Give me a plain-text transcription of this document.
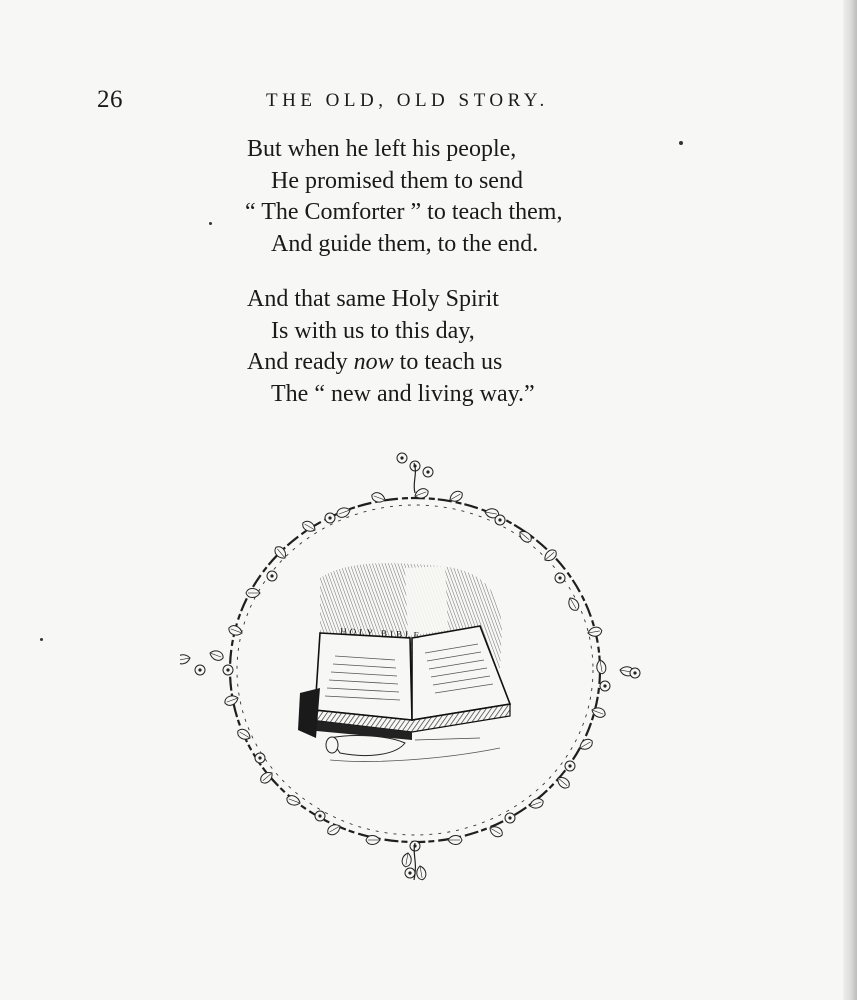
26	THE OLD, OLD STORY.
But when he left his people,
He promised them to send
“ The Comforter ” to teach them,
And guide them, to the end.
And that same Holy Spirit
Is with us to this day,
And ready now to teach us
The “ new and living way.”
HOLY BIBLE
